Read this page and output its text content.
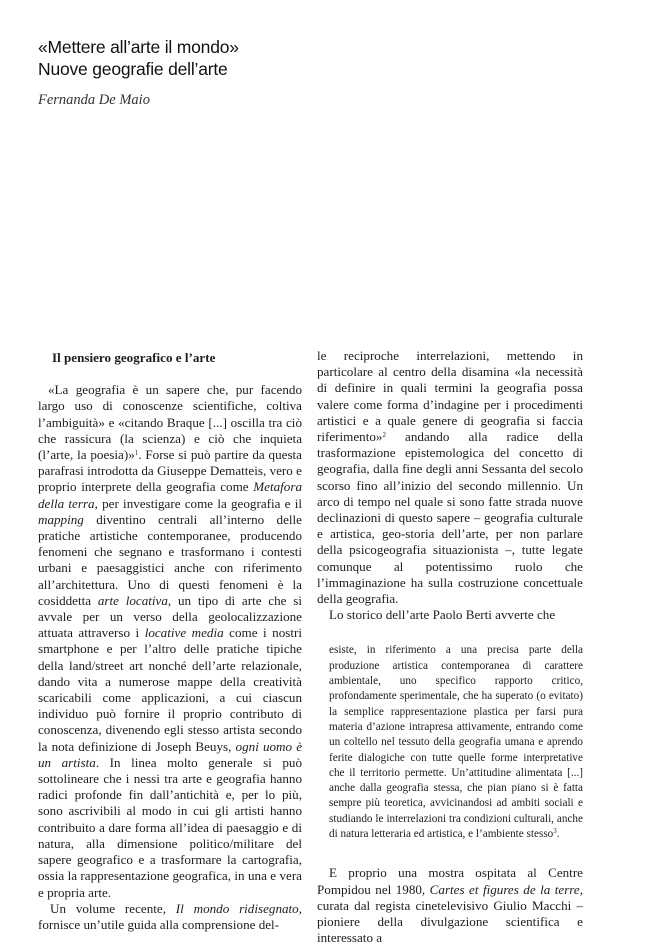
«Mettere all’arte il mondo»
Nuove geografie dell’arte
Fernanda De Maio
Il pensiero geografico e l’arte

«La geografia è un sapere che, pur facendo largo uso di conoscenze scientifiche, coltiva l’ambiguità» e «citando Braque [...] oscilla tra ciò che rassicura (la scienza) e ciò che inquieta (l’arte, la poesia)»$^1$. Forse si può partire da questa parafrasi introdotta da Giuseppe Dematteis, vero e proprio interprete della geografia come Metafora della terra, per investigare come la geografia e il mapping diventino centrali all’interno delle pratiche artistiche contemporanee, producendo fenomeni che segnano e trasformano i contesti urbani e paesaggistici anche con riferimento all’architettura. Uno di questi fenomeni è la cosiddetta arte locativa, un tipo di arte che si avvale per un verso della geolocalizzazione attuata attraverso i locative media come i nostri smartphone e per l’altro delle pratiche tipiche della land/street art nonché dell’arte relazionale, dando vita a numerose mappe della creatività scaricabili come applicazioni, a cui ciascun individuo può fornire il proprio contributo di conoscenza, divenendo egli stesso artista secondo la nota definizione di Joseph Beuys, ogni uomo è un artista. In linea molto generale si può sottolineare che i nessi tra arte e geografia hanno radici profonde fin dall’antichità e, per lo più, sono ascrivibili al modo in cui gli artisti hanno contribuito a dare forma all’idea di paesaggio e di natura, alla dimensione politico/militare del sapere geografico e a trasformare la cartografia, ossia la rappresentazione geografica, in una e vera e propria arte.

Un volume recente, Il mondo ridisegnato, fornisce un’utile guida alla comprensione del-

le reciproche interrelazioni, mettendo in particolare al centro della disamina «la necessità di definire in quali termini la geografia possa valere come forma d’indagine per i procedimenti artistici e a quale genere di geografia si faccia riferimento»$^2$ andando alla radice della trasformazione epistemologica del concetto di geografia, dalla fine degli anni Sessanta del secolo scorso fino all’inizio del secondo millennio. Un arco di tempo nel quale si sono fatte strada nuove declinazioni di questo sapere – geografia culturale e artistica, geo-storia dell’arte, per non parlare della psicogeografia situazionista –, tutte legate comunque al potentissimo ruolo che l’immaginazione ha sulla costruzione concettuale della geografia.

Lo storico dell’arte Paolo Berti avverte che

esiste, in riferimento a una precisa parte della produzione artistica contemporanea di carattere ambientale, uno specifico rapporto critico, profondamente sperimentale, che ha superato (o evitato) la semplice rappresentazione plastica per farsi pura materia d’azione intrapresa attivamente, entrando come un coltello nel tessuto della geografia umana e aprendo ferite dialogiche con tutte quelle forme interpretative che il territorio permette. Un’attitudine alimentata [...] anche dalla geografia stessa, che pian piano si è fatta sempre più teoretica, avvicinandosi ad ambiti sociali e studiando le interrelazioni tra condizioni culturali, anche di natura letteraria ed artistica, e l’ambiente stesso$^3$.

E proprio una mostra ospitata al Centre Pompidou nel 1980, Cartes et figures de la terre, curata dal regista cinetelevisivo Giulio Macchi – pioniere della divulgazione scientifica e interessato a
